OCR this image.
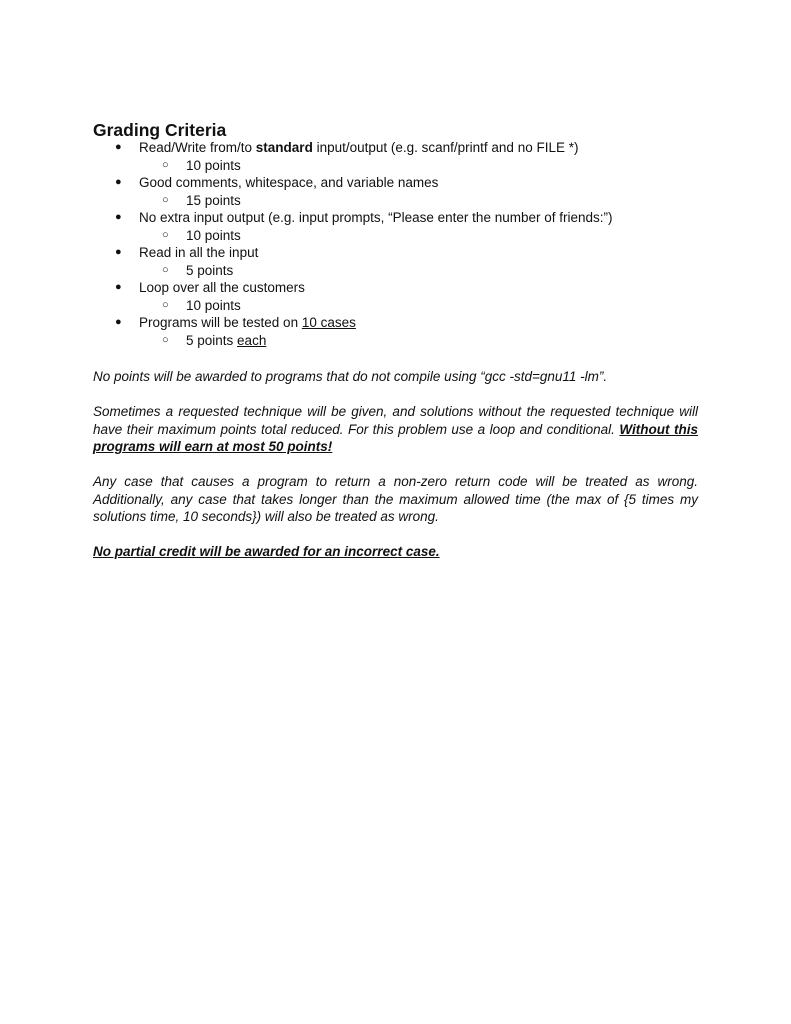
Grading Criteria
● Read/Write from/to standard input/output (e.g. scanf/printf and no FILE *)
○ 10 points
● Good comments, whitespace, and variable names
○ 15 points
● No extra input output (e.g. input prompts, “Please enter the number of friends:”)
○ 10 points
● Read in all the input
○ 5 points
● Loop over all the customers
○ 10 points
● Programs will be tested on 10 cases
○ 5 points each

No points will be awarded to programs that do not compile using “gcc -std=gnu11 -lm”.

Sometimes a requested technique will be given, and solutions without the requested technique will have their maximum points total reduced. For this problem use a loop and conditional. Without this programs will earn at most 50 points!

Any case that causes a program to return a non-zero return code will be treated as wrong. Additionally, any case that takes longer than the maximum allowed time (the max of {5 times my solutions time, 10 seconds}) will also be treated as wrong.

No partial credit will be awarded for an incorrect case.
